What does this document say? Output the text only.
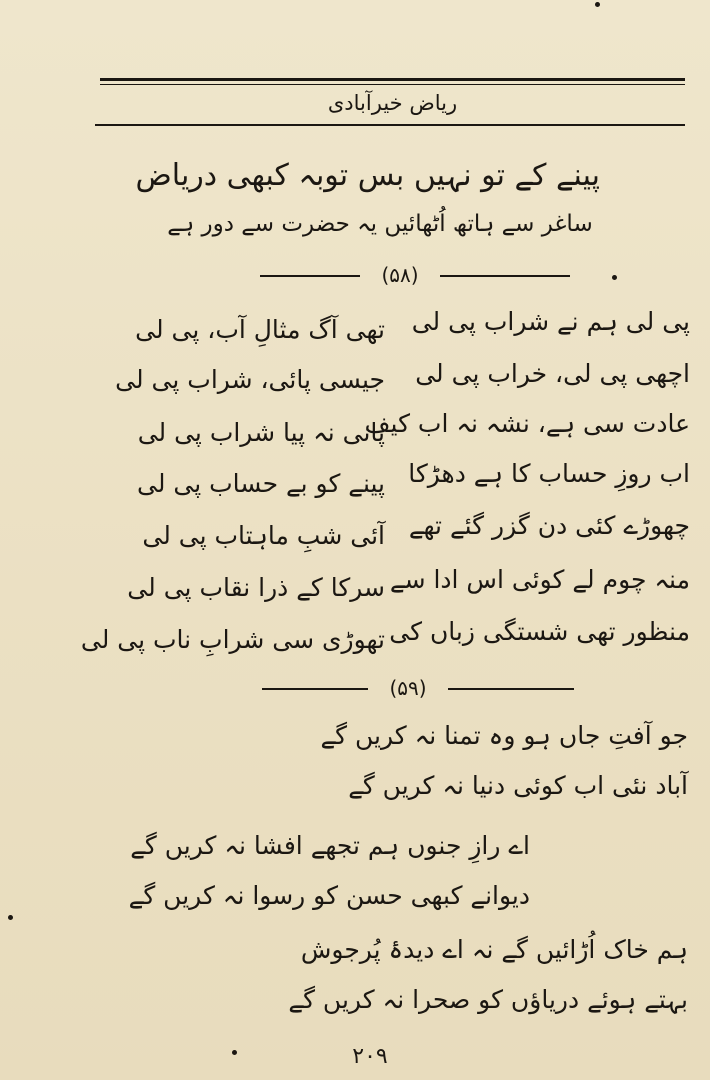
ریاض خیرآبادی
پینے کے تو نہیں بس توبہ کبھی دریاض
ساغر سے ہاتھ اُٹھائیں یہ حضرت سے دور ہے
(۵۸)
پی لی ہم نے شراب پی لی
تھی آگ مثالِ آب، پی لی
اچھی پی لی، خراب پی لی
جیسی پائی، شراب پی لی
عادت سی ہے، نشہ نہ اب کیف
پانی نہ پیا شراب پی لی
اب روزِ حساب کا ہے دھڑکا
پینے کو بے حساب پی لی
چھوڑے کئی دن گزر گئے تھے
آئی شبِ ماہتاب پی لی
منہ چوم لے کوئی اس ادا سے
سرکا کے ذرا نقاب پی لی
منظور تھی شستگی زباں کی
تھوڑی سی شرابِ ناب پی لی
(۵۹)
جو آفتِ جاں ہو وہ تمنا نہ کریں گے
آباد نئی اب کوئی دنیا نہ کریں گے
اے رازِ جنوں ہم تجھے افشا نہ کریں گے
دیوانے کبھی حسن کو رسوا نہ کریں گے
ہم خاک اُڑائیں گے نہ اے دیدۂ پُرجوش
بہتے ہوئے دریاؤں کو صحرا نہ کریں گے
۲۰۹
